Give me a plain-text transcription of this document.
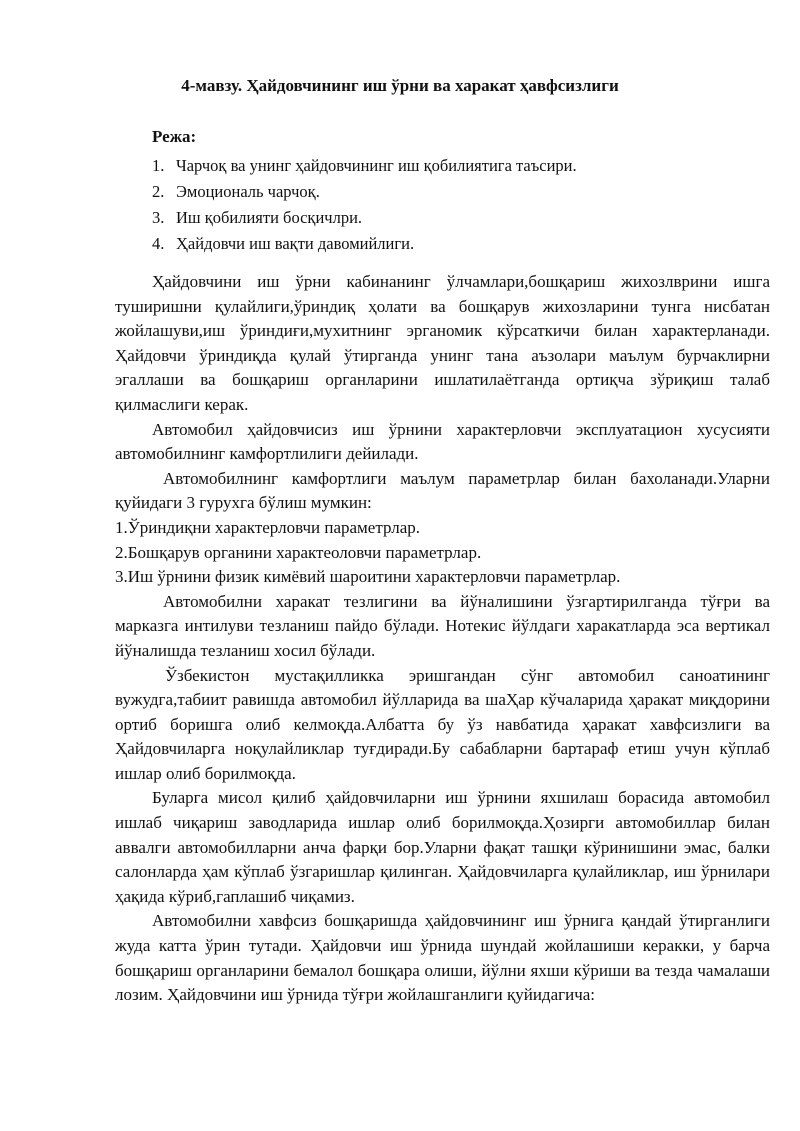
4-мавзу. Ҳайдовчининг иш ўрни ва харакат ҳавфсизлиги
Режа:
1. Чарчоқ ва унинг ҳайдовчининг иш қобилиятига таъсири.
2. Эмоциональ чарчоқ.
3. Иш қобилияти босқичлри.
4. Ҳайдовчи иш вақти давомийлиги.

Ҳайдовчини иш ўрни кабинанинг ўлчамлари,бошқариш жихозлврини ишга туширишни қулайлиги,ўриндиқ ҳолати ва бошқарув жихозларини тунга нисбатан жойлашуви,иш ўриндиғи,мухитнинг эрганомик кўрсаткичи билан характерланади. Ҳайдовчи ўриндиқда қулай ўтирганда унинг тана аъзолари маълум бурчаклирни эгаллаши ва бошқариш органларини ишлатилаётганда ортиқча зўриқиш талаб қилмаслиги керак.

Автомобил ҳайдовчисиз иш ўрнини характерловчи эксплуатацион хусусияти автомобилнинг камфортлилиги дейилади.

Автомобилнинг камфортлиги маълум параметрлар билан бахоланади.Уларни қуйидаги 3 гурухга бўлиш мумкин:

1.Ўриндиқни характерловчи параметрлар.

2.Бошқарув органини характеоловчи параметрлар.

3.Иш ўрнини физик кимёвий шароитини характерловчи параметрлар.

Автомобилни харакат тезлигини ва йўналишини ўзгартирилганда тўғри ва марказга интилуви тезланиш пайдо бўлади. Нотекис йўлдаги харакатларда эса вертикал йўналишда тезланиш хосил бўлади.

Ўзбекистон мустақилликка эришгандан сўнг автомобил саноатининг вужудга,табиит равишда автомобил йўлларида ва шаҲар кўчаларида ҳаракат миқдорини ортиб боришга олиб келмоқда.Албатта бу ўз навбатида ҳаракат хавфсизлиги ва Ҳайдовчиларга ноқулайликлар туғдиради.Бу сабабларни бартараф етиш учун кўплаб ишлар олиб борилмоқда.

Буларга мисол қилиб ҳайдовчиларни иш ўрнини яхшилаш борасида автомобил ишлаб чиқариш заводларида ишлар олиб борилмоқда.Ҳозирги автомобиллар билан аввалги автомобилларни анча фарқи бор.Уларни фақат ташқи кўринишини эмас, балки салонларда ҳам кўплаб ўзгаришлар қилинган. Ҳайдовчиларга қулайликлар, иш ўрнилари ҳақида кўриб,гаплашиб чиқамиз.

Автомобилни хавфсиз бошқаришда ҳайдовчининг иш ўрнига қандай ўтирганлиги жуда катта ўрин тутади. Ҳайдовчи иш ўрнида шундай жойлашиши керакки, у барча бошқариш органларини бемалол бошқара олиши, йўлни яхши кўриши ва тезда чамалаши лозим. Ҳайдовчини иш ўрнида тўғри жойлашганлиги қуйидагича:
